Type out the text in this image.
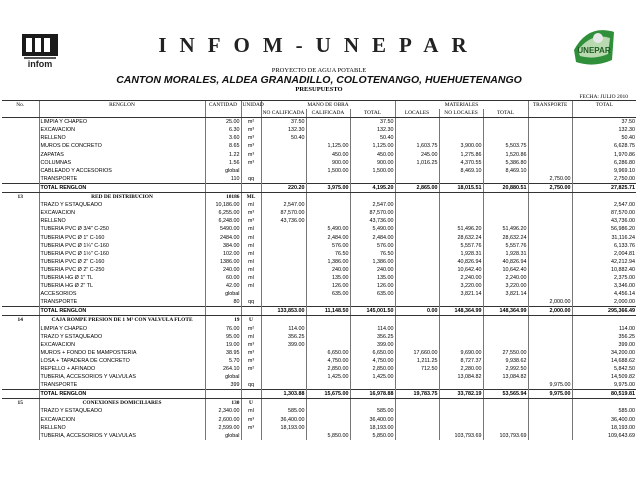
infom
UNEPAR
INFOM-UNEPAR
PROYECTO DE AGUA POTABLE
CANTON MORALES, ALDEA GRANADILLO, COLOTENANGO, HUEHUETENANGO
PRESUPUESTO
FECHA: JULIO 2010
No.	RENGLON	CANTIDAD	UNIDAD	MANO DE OBRA			MATERIALES			TRANSPORTE	TOTAL
				NO CALIFICADA	CALIFICADA	TOTAL	LOCALES	NO LOCALES	TOTAL		
	LIMPIA Y CHAPEO	25.00	m²	37.50		37.50					37.50
	EXCAVACION	6.30	m³	132.30		132.30					132.30
	RELLENO	3.60	m³	50.40		50.40					50.40
	MUROS DE CONCRETO	8.65	m³		1,125.00	1,125.00	1,603.75	3,900.00	5,503.75		6,628.75
	ZAPATAS	1.22	m³		450.00	450.00	245.00	1,275.86	1,520.86		1,970.86
	COLUMNAS	1.56	m³		900.00	900.00	1,016.25	4,370.55	5,386.80		6,286.80
	CABLEADO Y ACCESORIOS	global			1,500.00	1,500.00		8,469.10	8,469.10		9,969.10
	TRANSPORTE	110	qq							2,750.00	2,750.00
	TOTAL RENGLON			220.20	3,975.00	4,195.20	2,865.00	18,015.51	20,880.51	2,750.00	27,825.71
13	RED DE DISTRIBUCION	10186	ML								
	TRAZO Y ESTAQUEADO	10,186.00	ml	2,547.00		2,547.00					2,547.00
	EXCAVACION	6,255.00	m³	87,570.00		87,570.00					87,570.00
	RELLENO	6,248.00	m³	43,736.00		43,736.00					43,736.00
	TUBERIA PVC Ø 3/4" C-250	5490.00	ml		5,490.00	5,490.00		51,496.20	51,496.20		56,986.20
	TUBERIA PVC Ø 1" C-160	2484.00	ml		2,484.00	2,484.00		28,632.24	28,632.24		31,116.24
	TUBERIA PVC Ø 1¼" C-160	384.00	ml		576.00	576.00		5,557.76	5,557.76		6,133.76
	TUBERIA PVC Ø 1½" C-160	102.00	ml		76.50	76.50		1,928.31	1,928.31		2,004.81
	TUBERIA PVC Ø 2" C-160	1386.00	ml		1,386.00	1,386.00		40,826.94	40,826.94		42,212.94
	TUBERIA PVC Ø 2" C-250	240.00	ml		240.00	240.00		10,642.40	10,642.40		10,882.40
	TUBERIA HG Ø 1" TL	60.00	ml		135.00	135.00		2,240.00	2,240.00		2,375.00
	TUBERIA HG Ø 2" TL	42.00	ml		126.00	126.00		3,220.00	3,220.00		3,346.00
	ACCESORIOS	global			635.00	635.00		3,821.14	3,821.14		4,456.14
	TRANSPORTE	80	qq							2,000.00	2,000.00
	TOTAL RENGLON			133,853.00	11,148.50	145,001.50	0.00	148,364.99	148,364.99	2,000.00	295,366.49
14	CAJA ROMPE PRESION DE 1 M³ CON VALVULA FLOTE	19	U								
	LIMPIA Y CHAPEO	76.00	m²	114.00		114.00					114.00
	TRAZO Y ESTAQUEADO	95.00	ml	356.25		356.25					356.25
	EXCAVACION	19.00	m³	399.00		399.00					399.00
	MUROS + FONDO DE MAMPOSTERIA	38.95	m³		6,650.00	6,650.00	17,660.00	9,690.00	27,550.00		34,200.00
	LOSA + TAPADERA DE CONCRETO	5.70	m³		4,750.00	4,750.00	1,211.25	8,727.37	9,938.62		14,688.62
	REPELLO + AFINADO	264.10	m²		2,850.00	2,850.00	712.50	2,280.00	2,992.50		5,842.50
	TUBERIA, ACCESORIOS Y VALVULAS	global			1,425.00	1,425.00		13,084.82	13,084.82		14,509.82
	TRANSPORTE	399	qq							9,975.00	9,975.00
	TOTAL RENGLON			1,303.88	15,675.00	16,978.88	19,783.75	33,782.19	53,565.94	9,975.00	80,519.81
15	CONEXIONES DOMICILIARES	130	U								
	TRAZO Y ESTAQUEADO	2,340.00	ml	585.00		585.00					585.00
	EXCAVACION	2,600.00	m³	36,400.00		36,400.00					36,400.00
	RELLENO	2,599.00	m³	18,193.00		18,193.00					18,193.00
	TUBERIA, ACCESORIOS Y VALVULAS	global			5,850.00	5,850.00		103,793.69	103,793.69		109,643.69
